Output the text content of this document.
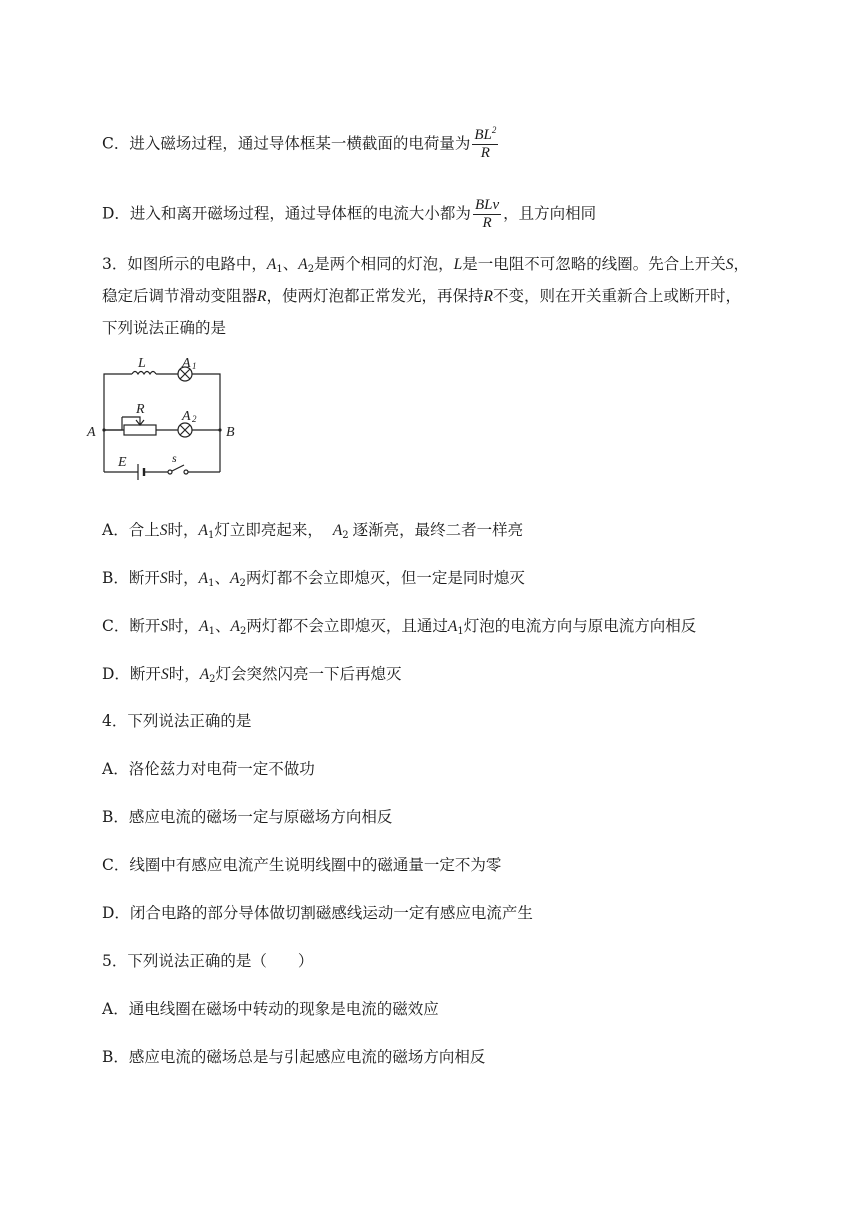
C．进入磁场过程，通过导体框某一横截面的电荷量为 $\frac{BL^2}{R}$
D．进入和离开磁场过程，通过导体框的电流大小都为 $\frac{\text{BLv}}{R}$ ，且方向相同
3．如图所示的电路中，$A_1$、$A_2$是两个相同的灯泡，L是一电阻不可忽略的线圈。先合上开关S，
稳定后调节滑动变阻器R，使两灯泡都正常发光，再保持R不变，则在开关重新合上或断开时，
下列说法正确的是
L	A 1
R	A 2
A	B
E	s
A．合上S时，$A_1$灯立即亮起来， $A_2$ 逐渐亮，最终二者一样亮
B．断开S时，$A_1$、$A_2$两灯都不会立即熄灭，但一定是同时熄灭
C．断开S时，$A_1$、$A_2$两灯都不会立即熄灭，且通过$A_1$灯泡的电流方向与原电流方向相反
D．断开S时，$A_2$灯会突然闪亮一下后再熄灭
4．下列说法正确的是
A．洛伦兹力对电荷一定不做功
B．感应电流的磁场一定与原磁场方向相反
C．线圈中有感应电流产生说明线圈中的磁通量一定不为零
D．闭合电路的部分导体做切割磁感线运动一定有感应电流产生
5．下列说法正确的是（　　）
A．通电线圈在磁场中转动的现象是电流的磁效应
B．感应电流的磁场总是与引起感应电流的磁场方向相反
